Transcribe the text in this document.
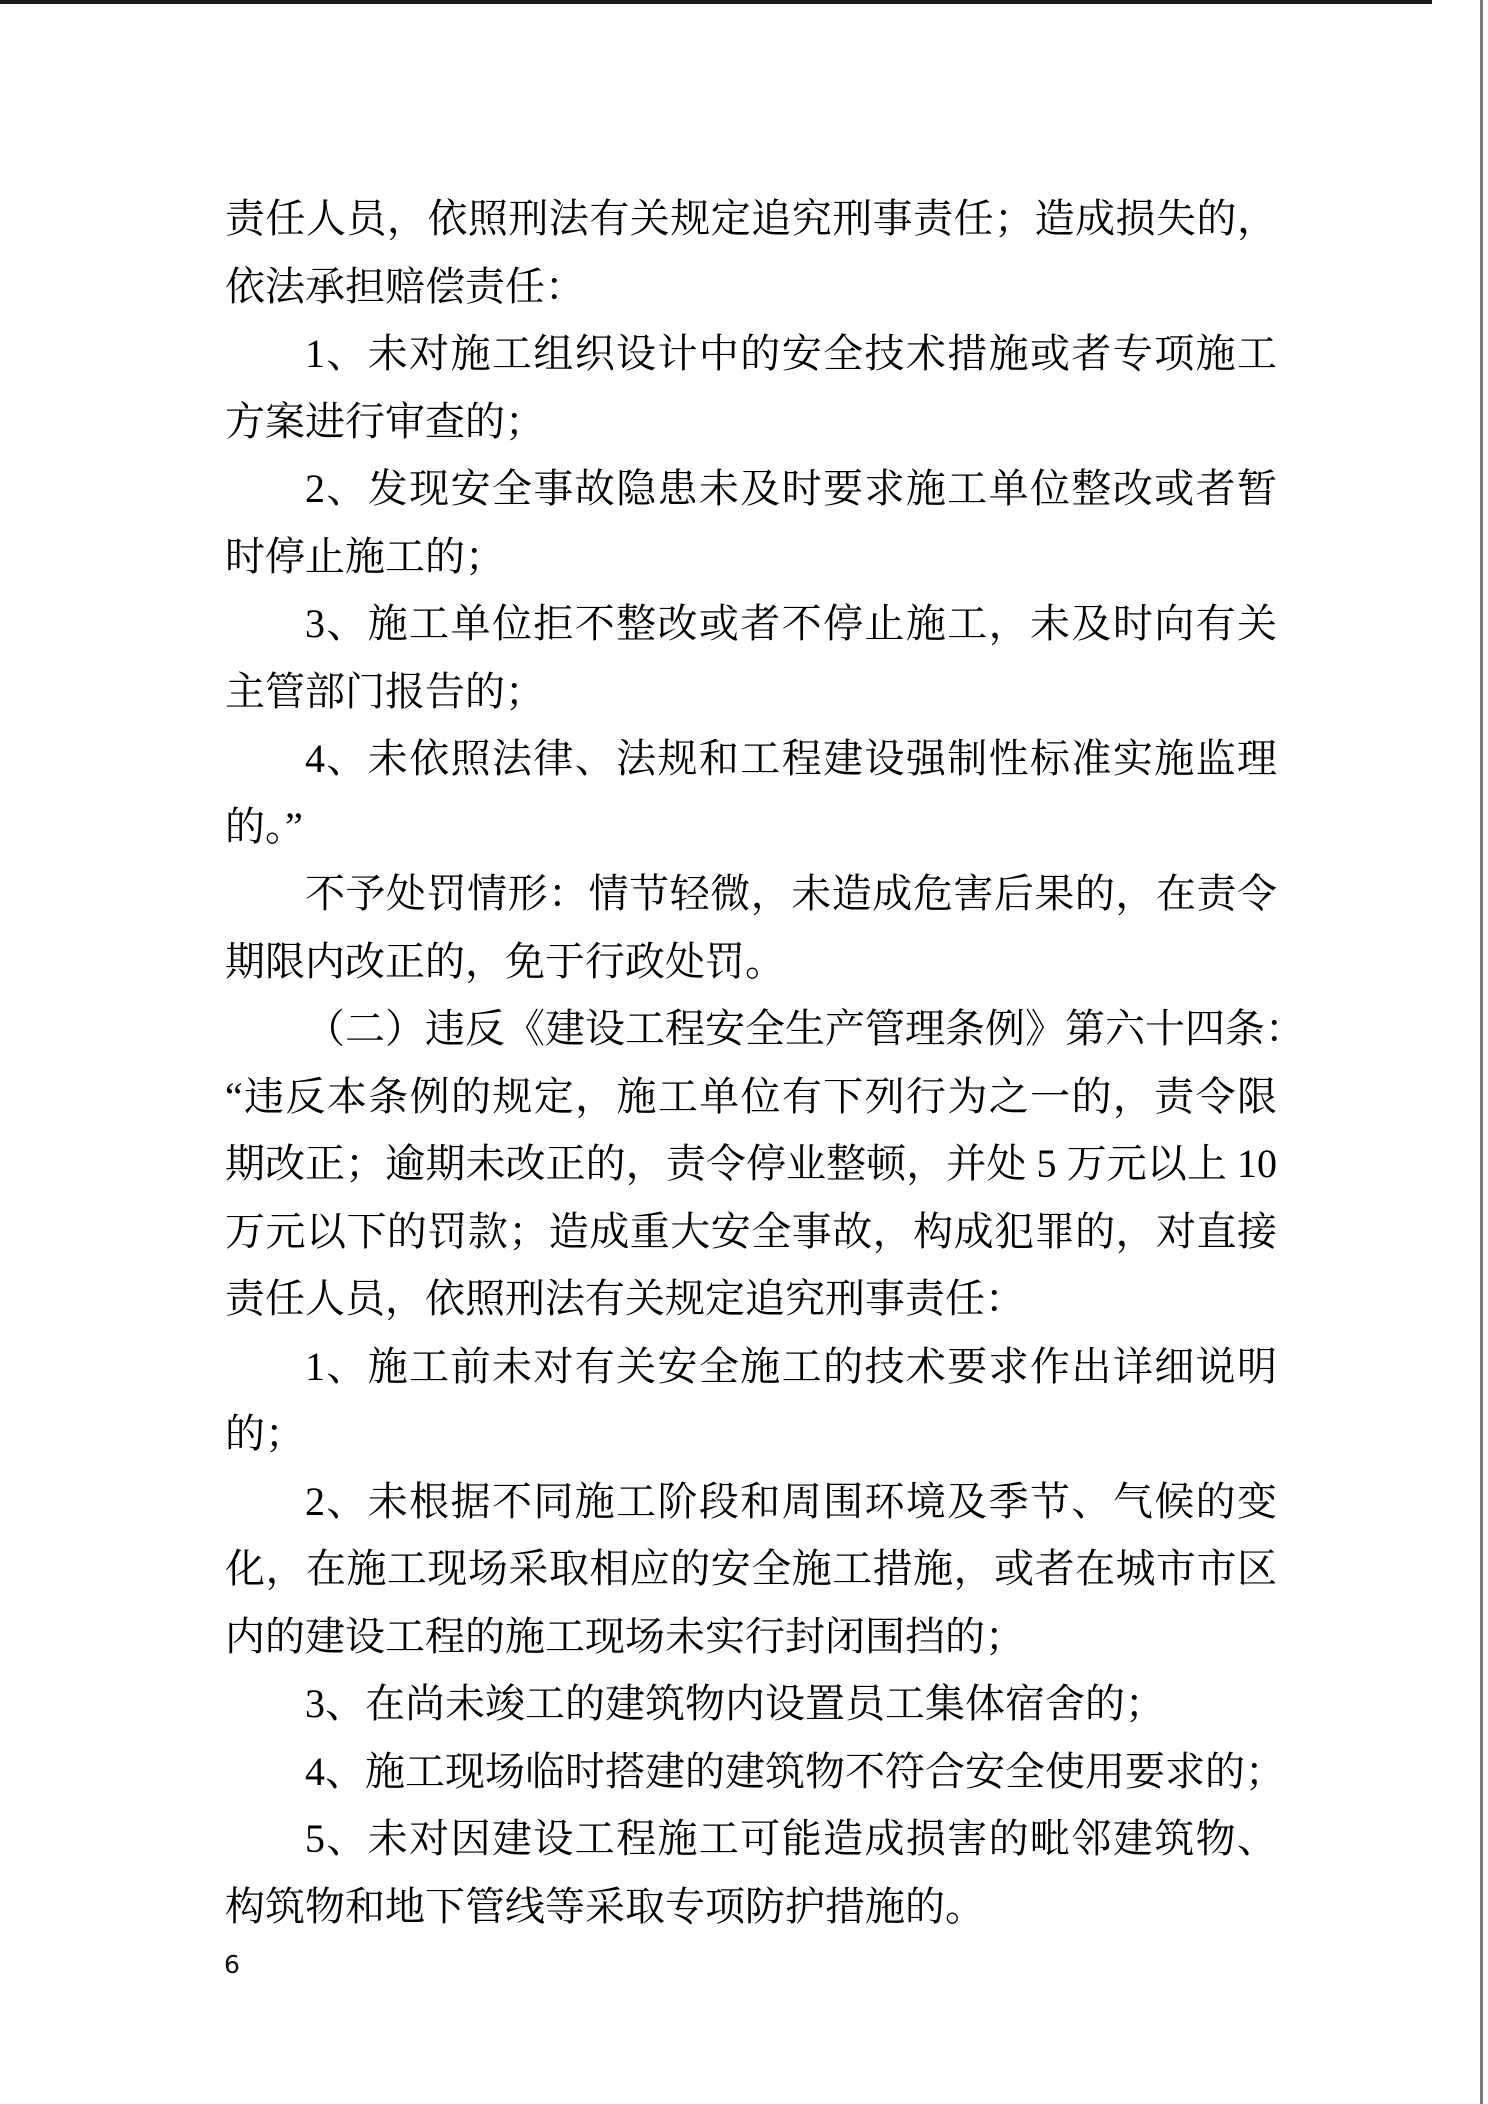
责任人员，依照刑法有关规定追究刑事责任；造成损失的，
依法承担赔偿责任：
1、未对施工组织设计中的安全技术措施或者专项施工
方案进行审查的；
2、发现安全事故隐患未及时要求施工单位整改或者暂
时停止施工的；
3、施工单位拒不整改或者不停止施工，未及时向有关
主管部门报告的；
4、未依照法律、法规和工程建设强制性标准实施监理
的。”
不予处罚情形：情节轻微，未造成危害后果的，在责令
期限内改正的，免于行政处罚。
（二）违反《建设工程安全生产管理条例》第六十四条：
“违反本条例的规定，施工单位有下列行为之一的，责令限
期改正；逾期未改正的，责令停业整顿，并处 5 万元以上 10
万元以下的罚款；造成重大安全事故，构成犯罪的，对直接
责任人员，依照刑法有关规定追究刑事责任：
1、施工前未对有关安全施工的技术要求作出详细说明
的；
2、未根据不同施工阶段和周围环境及季节、气候的变
化，在施工现场采取相应的安全施工措施，或者在城市市区
内的建设工程的施工现场未实行封闭围挡的；
3、在尚未竣工的建筑物内设置员工集体宿舍的；
4、施工现场临时搭建的建筑物不符合安全使用要求的；
5、未对因建设工程施工可能造成损害的毗邻建筑物、
构筑物和地下管线等采取专项防护措施的。
6
